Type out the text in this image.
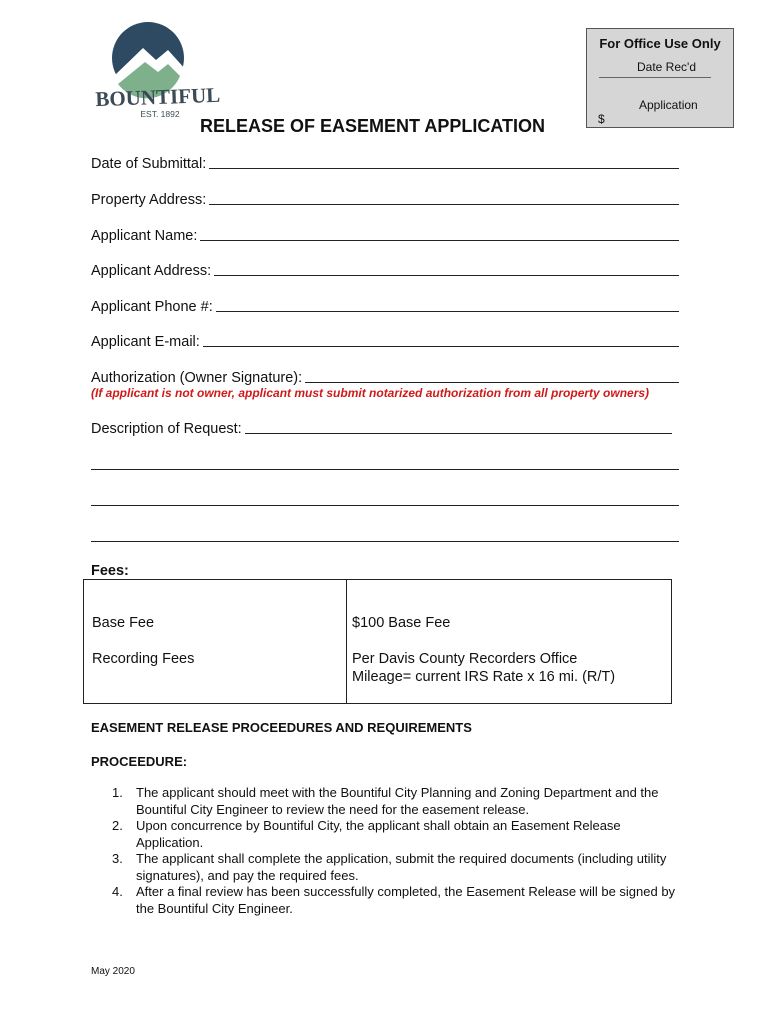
BOUNTIFUL
EST. 1892
For Office Use Only
Date Rec'd
Application
$
RELEASE OF EASEMENT APPLICATION
Date of Submittal:
Property Address:
Applicant Name:
Applicant Address:
Applicant Phone #:
Applicant E-mail:
Authorization (Owner Signature):
(If applicant is not owner, applicant must submit notarized authorization from all property owners)
Description of Request:
Fees:
Base Fee	$100 Base Fee
Recording Fees	Per Davis County Recorders Office
Mileage= current IRS Rate x 16 mi. (R/T)
EASEMENT RELEASE PROCEEDURES AND REQUIREMENTS
PROCEEDURE:
1.	The applicant should meet with the Bountiful City Planning and Zoning Department and the Bountiful City Engineer to review the need for the easement release.
2.	Upon concurrence by Bountiful City, the applicant shall obtain an Easement Release Application.
3.	The applicant shall complete the application, submit the required documents (including utility signatures), and pay the required fees.
4.	After a final review has been successfully completed, the Easement Release will be signed by the Bountiful City Engineer.
May 2020
